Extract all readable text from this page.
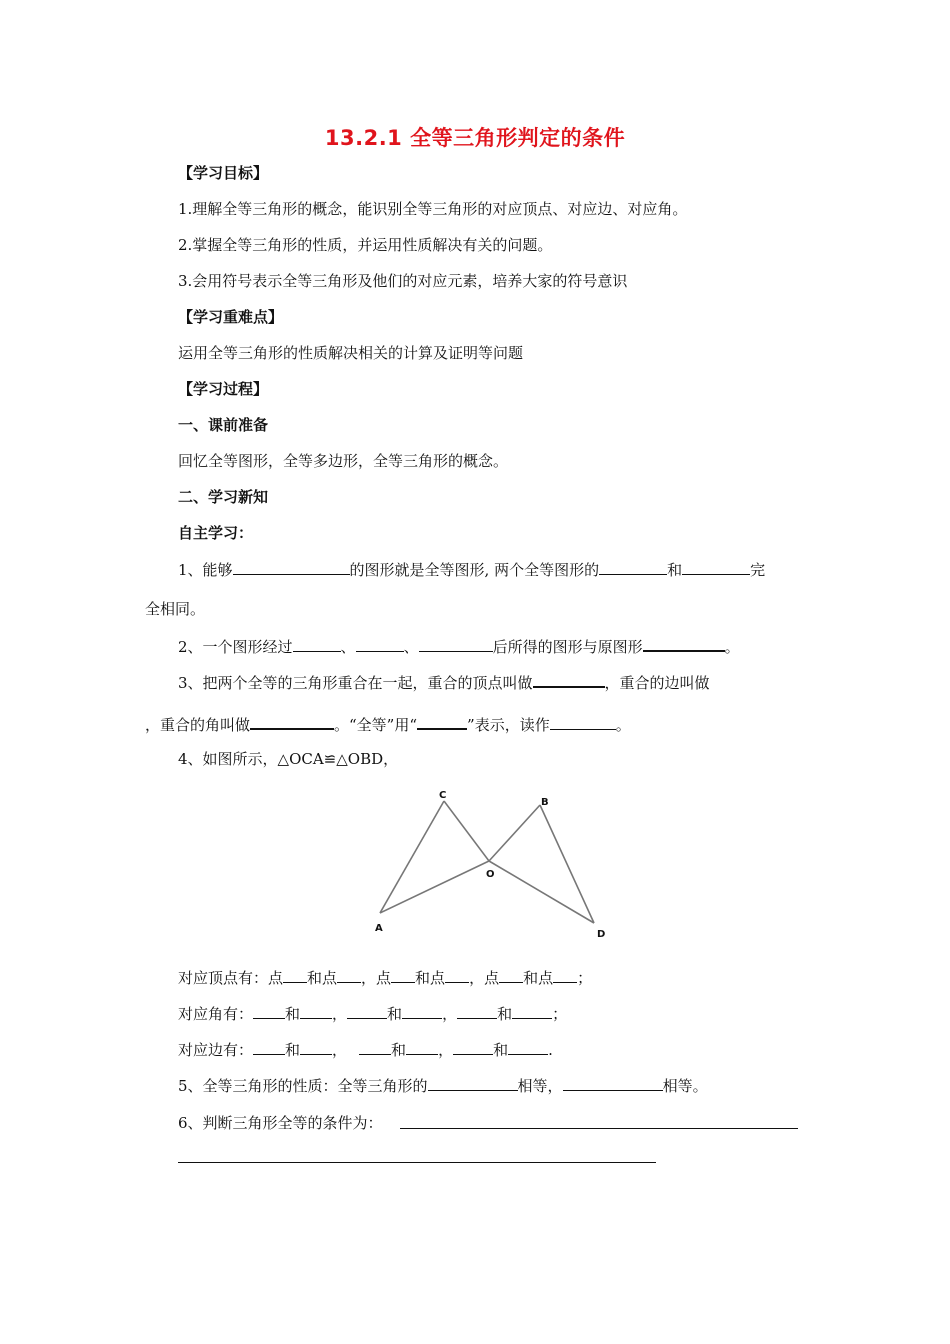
13.2.1 全等三角形判定的条件
【学习目标】
1.理解全等三角形的概念，能识别全等三角形的对应顶点、对应边、对应角。
2.掌握全等三角形的性质，并运用性质解决有关的问题。
3.会用符号表示全等三角形及他们的对应元素，培养大家的符号意识
【学习重难点】
运用全等三角形的性质解决相关的计算及证明等问题
【学习过程】
一、课前准备
回忆全等图形，全等多边形，全等三角形的概念。
二、学习新知
自主学习：
1、能够	的图形就是全等图形, 两个全等图形的	和	完
全相同。
2、一个图形经过	、	、	后所得的图形与原图形	。
3、把两个全等的三角形重合在一起，重合的顶点叫做	，重合的边叫做
，重合的角叫做	。“全等”用“	”表示，读作	。
4、如图所示，△OCA≌△OBD，
C
B
O
A
D
对应顶点有：点 和点 ，点 和点 ，点 和点 ；
对应角有： 和 ，	和	，	和	；
对应边有： 和 ，	和 ，	和	.
5、全等三角形的性质：全等三角形的	相等，	相等。
6、判断三角形全等的条件为：
